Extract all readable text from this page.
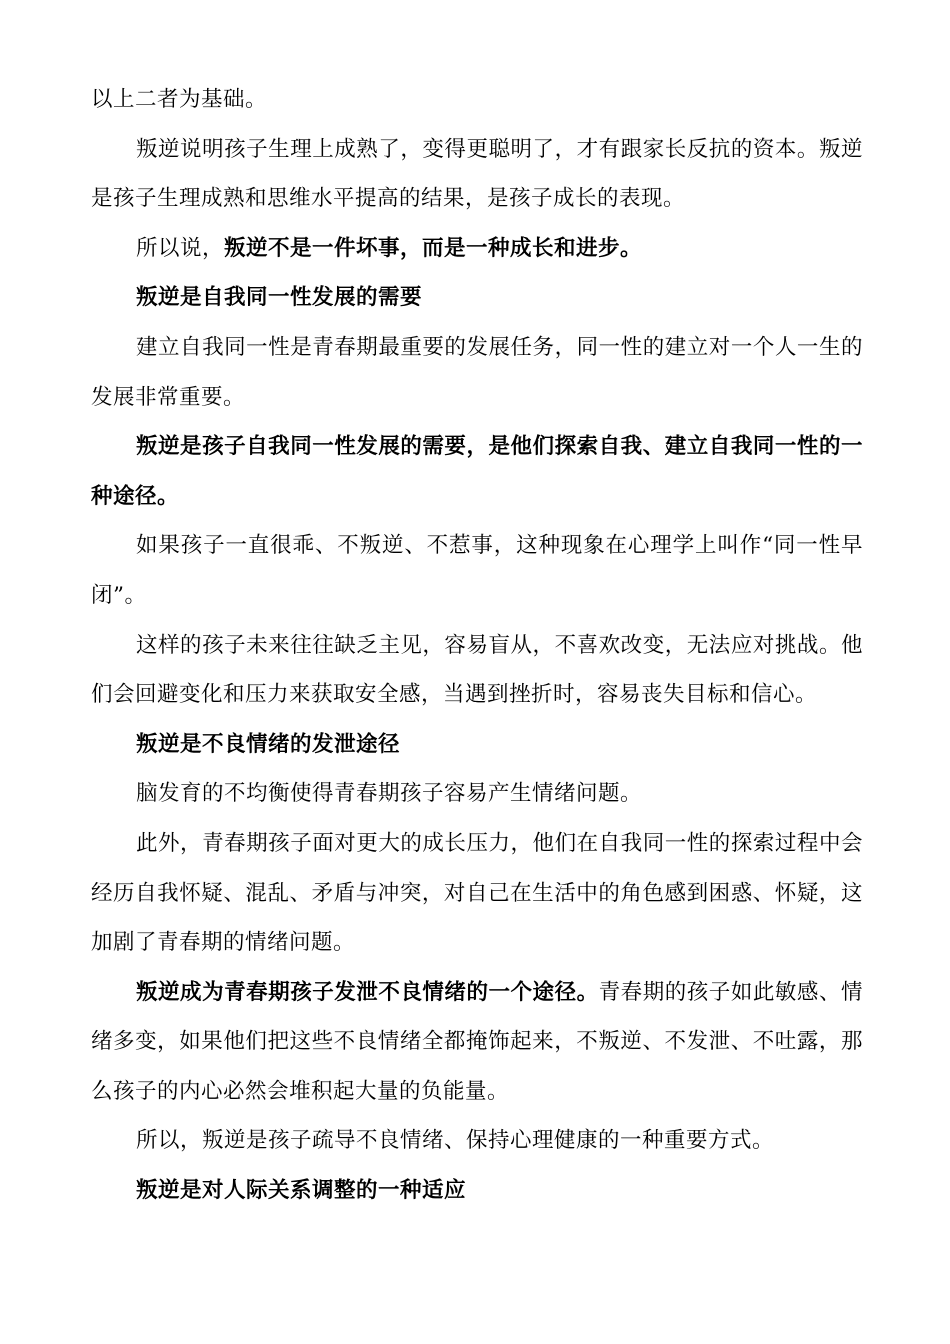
以上二者为基础。

叛逆说明孩子生理上成熟了，变得更聪明了，才有跟家长反抗的资本。叛逆是孩子生理成熟和思维水平提高的结果，是孩子成长的表现。

所以说，叛逆不是一件坏事，而是一种成长和进步。

叛逆是自我同一性发展的需要

建立自我同一性是青春期最重要的发展任务，同一性的建立对一个人一生的发展非常重要。

叛逆是孩子自我同一性发展的需要，是他们探索自我、建立自我同一性的一种途径。

如果孩子一直很乖、不叛逆、不惹事，这种现象在心理学上叫作“同一性早闭”。

这样的孩子未来往往缺乏主见，容易盲从，不喜欢改变，无法应对挑战。他们会回避变化和压力来获取安全感，当遇到挫折时，容易丧失目标和信心。

叛逆是不良情绪的发泄途径

脑发育的不均衡使得青春期孩子容易产生情绪问题。

此外，青春期孩子面对更大的成长压力，他们在自我同一性的探索过程中会经历自我怀疑、混乱、矛盾与冲突，对自己在生活中的角色感到困惑、怀疑，这加剧了青春期的情绪问题。

叛逆成为青春期孩子发泄不良情绪的一个途径。青春期的孩子如此敏感、情绪多变，如果他们把这些不良情绪全都掩饰起来，不叛逆、不发泄、不吐露，那么孩子的内心必然会堆积起大量的负能量。

所以，叛逆是孩子疏导不良情绪、保持心理健康的一种重要方式。

叛逆是对人际关系调整的一种适应
